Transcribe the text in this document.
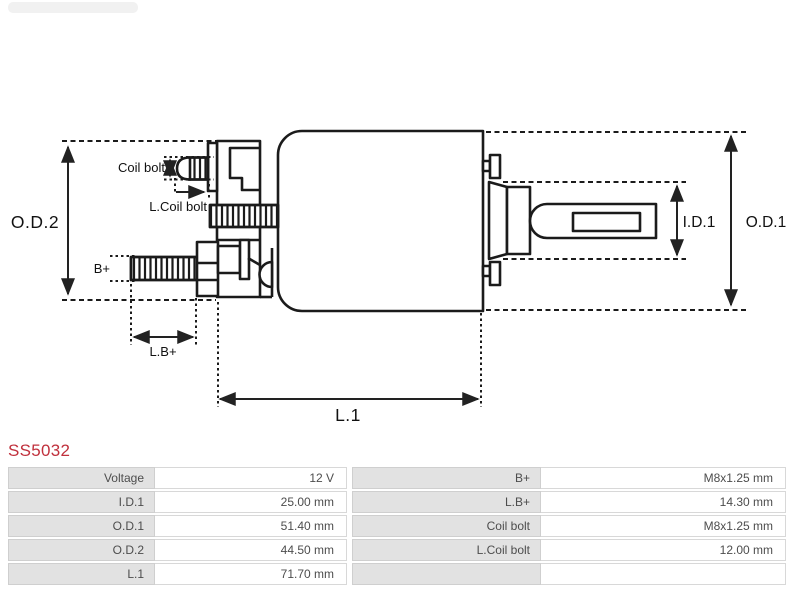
Coil bolt
L.Coil bolt
B+
L.B+
O.D.2	I.D.1 O.D.1
L.1
SS5032
Voltage	12 V
I.D.1	25.00 mm
O.D.1	51.40 mm
O.D.2	44.50 mm
L.1	71.70 mm
B+	M8x1.25 mm
L.B+	14.30 mm
Coil bolt	M8x1.25 mm
L.Coil bolt	12.00 mm
